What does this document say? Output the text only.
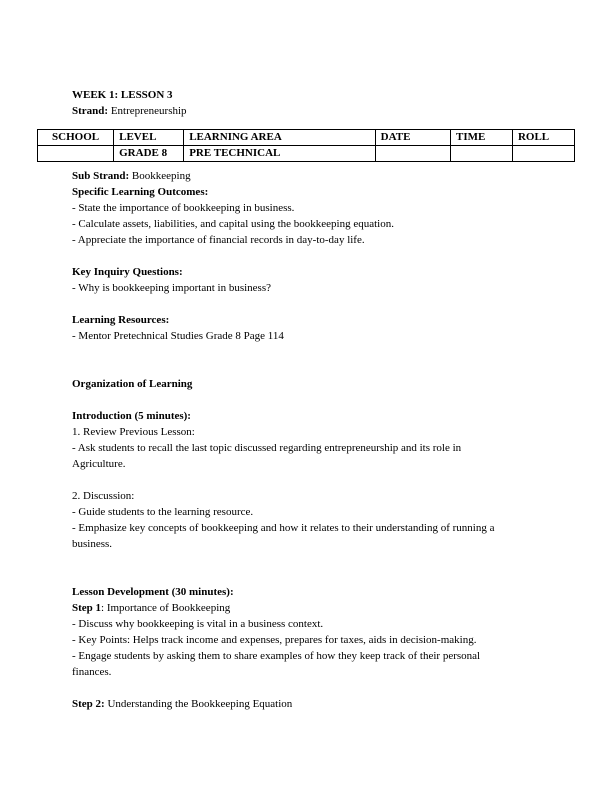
WEEK 1: LESSON 3

Strand: Entrepreneurship

SCHOOL	LEVEL	LEARNING AREA	DATE	TIME	ROLL
	GRADE 8	PRE TECHNICAL			

Sub Strand: Bookkeeping

Specific Learning Outcomes:

- State the importance of bookkeeping in business.

- Calculate assets, liabilities, and capital using the bookkeeping equation.

- Appreciate the importance of financial records in day-to-day life.

Key Inquiry Questions:

- Why is bookkeeping important in business?

Learning Resources:

- Mentor Pretechnical Studies Grade 8 Page 114

Organization of Learning

Introduction (5 minutes):

1. Review Previous Lesson:

- Ask students to recall the last topic discussed regarding entrepreneurship and its role in

Agriculture.

2. Discussion:

- Guide students to the learning resource.

- Emphasize key concepts of bookkeeping and how it relates to their understanding of running a

business.

Lesson Development (30 minutes):

Step 1: Importance of Bookkeeping

- Discuss why bookkeeping is vital in a business context.

- Key Points: Helps track income and expenses, prepares for taxes, aids in decision-making.

- Engage students by asking them to share examples of how they keep track of their personal

finances.

Step 2: Understanding the Bookkeeping Equation
